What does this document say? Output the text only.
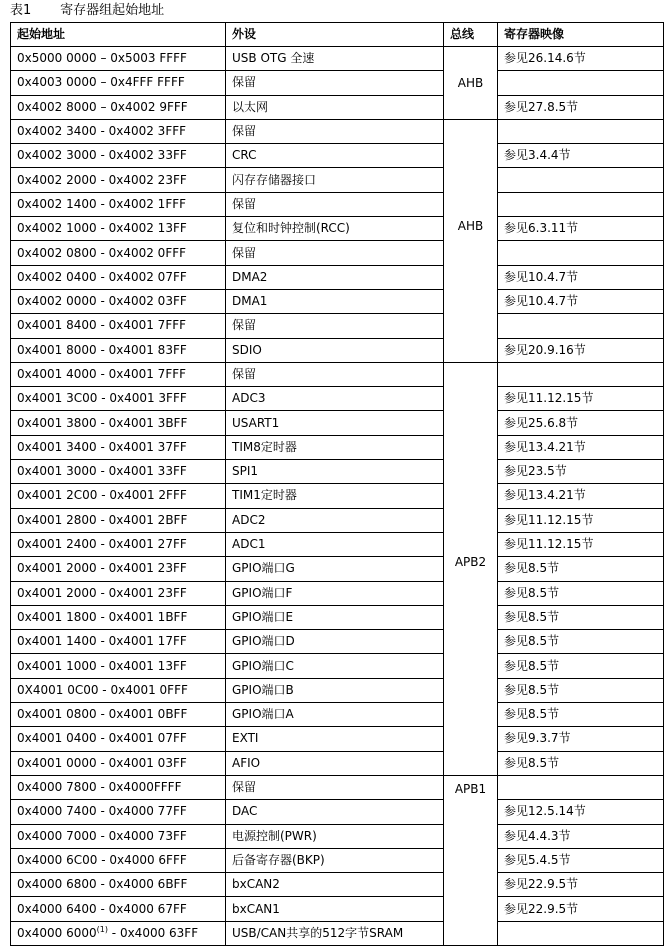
表1 寄存器组起始地址
起始地址	外设	总线	寄存器映像
0x5000 0000 – 0x5003 FFFF	USB OTG 全速	AHB	参见26.14.6节
0x4003 0000 – 0x4FFF FFFF	保留		
0x4002 8000 – 0x4002 9FFF	以太网		参见27.8.5节
0x4002 3400 - 0x4002 3FFF	保留	AHB	

0x4002 3000 - 0x4002 33FF	CRC		参见3.4.4节
0x4002 2000 - 0x4002 23FF	闪存存储器接口		
0x4002 1400 - 0x4002 1FFF	保留		
0x4002 1000 - 0x4002 13FF	复位和时钟控制(RCC)		参见6.3.11节
0x4002 0800 - 0x4002 0FFF	保留		
0x4002 0400 - 0x4002 07FF	DMA2		参见10.4.7节
0x4002 0000 - 0x4002 03FF	DMA1		参见10.4.7节
0x4001 8400 - 0x4001 7FFF	保留		
0x4001 8000 - 0x4001 83FF	SDIO		参见20.9.16节
0x4001 4000 - 0x4001 7FFF	保留	APB2	

0x4001 3C00 - 0x4001 3FFF	ADC3		参见11.12.15节
0x4001 3800 - 0x4001 3BFF	USART1		参见25.6.8节
0x4001 3400 - 0x4001 37FF	TIM8定时器		参见13.4.21节
0x4001 3000 - 0x4001 33FF	SPI1		参见23.5节
0x4001 2C00 - 0x4001 2FFF	TIM1定时器		参见13.4.21节
0x4001 2800 - 0x4001 2BFF	ADC2		参见11.12.15节
0x4001 2400 - 0x4001 27FF	ADC1		参见11.12.15节
0x4001 2000 - 0x4001 23FF	GPIO端口G		参见8.5节
0x4001 2000 - 0x4001 23FF	GPIO端口F		参见8.5节
0x4001 1800 - 0x4001 1BFF	GPIO端口E		参见8.5节
0x4001 1400 - 0x4001 17FF	GPIO端口D		参见8.5节
0x4001 1000 - 0x4001 13FF	GPIO端口C		参见8.5节
0X4001 0C00 - 0x4001 0FFF	GPIO端口B		参见8.5节
0x4001 0800 - 0x4001 0BFF	GPIO端口A		参见8.5节
0x4001 0400 - 0x4001 07FF	EXTI		参见9.3.7节
0x4001 0000 - 0x4001 03FF	AFIO		参见8.5节
0x4000 7800 - 0x4000FFFF	保留	APB1	

0x4000 7400 - 0x4000 77FF	DAC		参见12.5.14节
0x4000 7000 - 0x4000 73FF	电源控制(PWR)		参见4.4.3节
0x4000 6C00 - 0x4000 6FFF	后备寄存器(BKP)		参见5.4.5节
0x4000 6800 - 0x4000 6BFF	bxCAN2		参见22.9.5节
0x4000 6400 - 0x4000 67FF	bxCAN1		参见22.9.5节
0x4000 6000$^{(1)}$ - 0x4000 63FF	USB/CAN共享的512字节SRAM		
